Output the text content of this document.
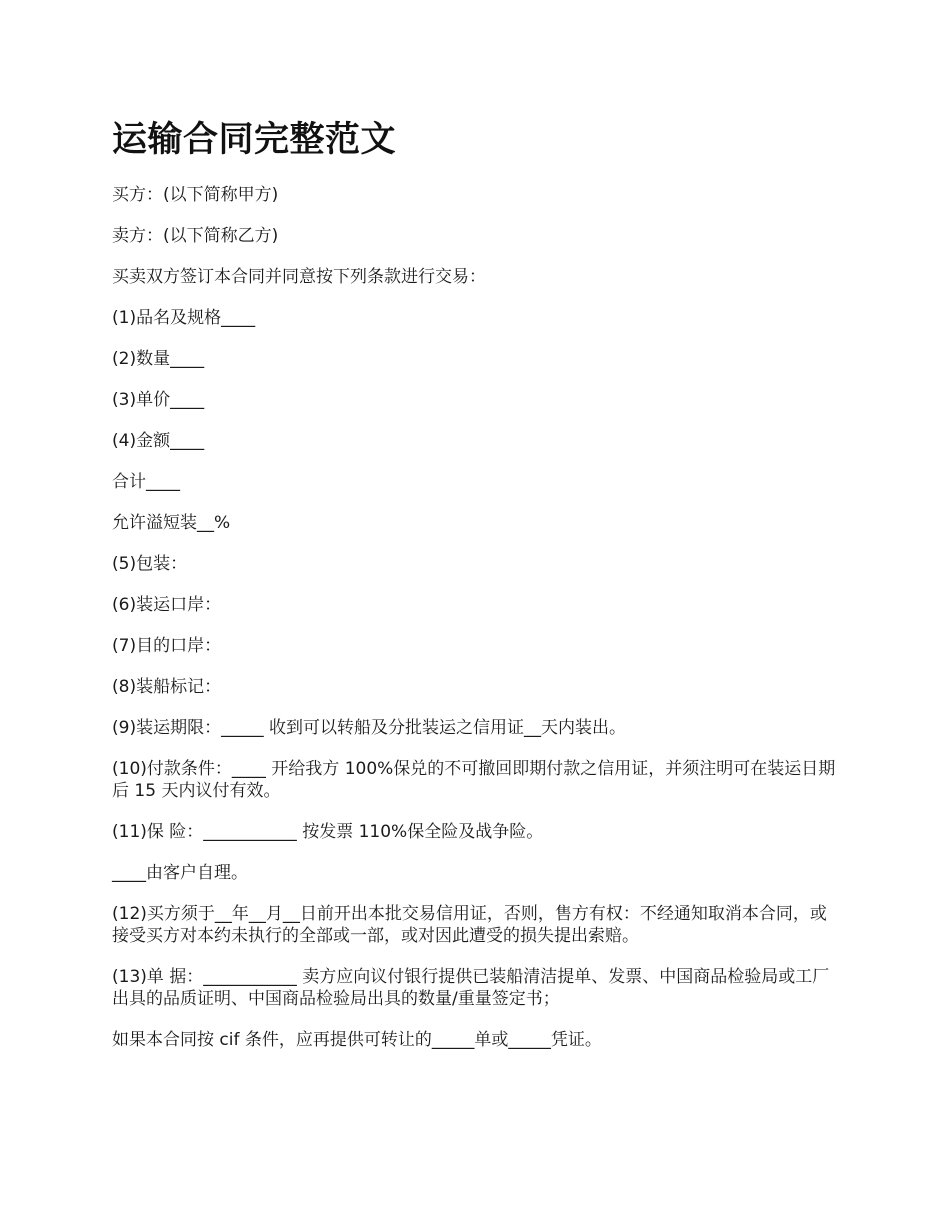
运输合同完整范文

买方：(以下简称甲方)

卖方：(以下简称乙方)

买卖双方签订本合同并同意按下列条款进行交易：

(1)品名及规格____

(2)数量____

(3)单价____

(4)金额____

合计____

允许溢短装__%

(5)包装：

(6)装运口岸：

(7)目的口岸：

(8)装船标记：

(9)装运期限：_____ 收到可以转船及分批装运之信用证__天内装出。

(10)付款条件：____ 开给我方 100%保兑的不可撤回即期付款之信用证，并须注明可在装运日期后 15 天内议付有效。

(11)保 险：___________ 按发票 110%保全险及战争险。

____由客户自理。

(12)买方须于__年__月__日前开出本批交易信用证，否则，售方有权：不经通知取消本合同，或接受买方对本约未执行的全部或一部，或对因此遭受的损失提出索赔。

(13)单 据：___________ 卖方应向议付银行提供已装船清洁提单、发票、中国商品检验局或工厂出具的品质证明、中国商品检验局出具的数量/重量签定书；

如果本合同按 cif 条件，应再提供可转让的_____单或_____凭证。
